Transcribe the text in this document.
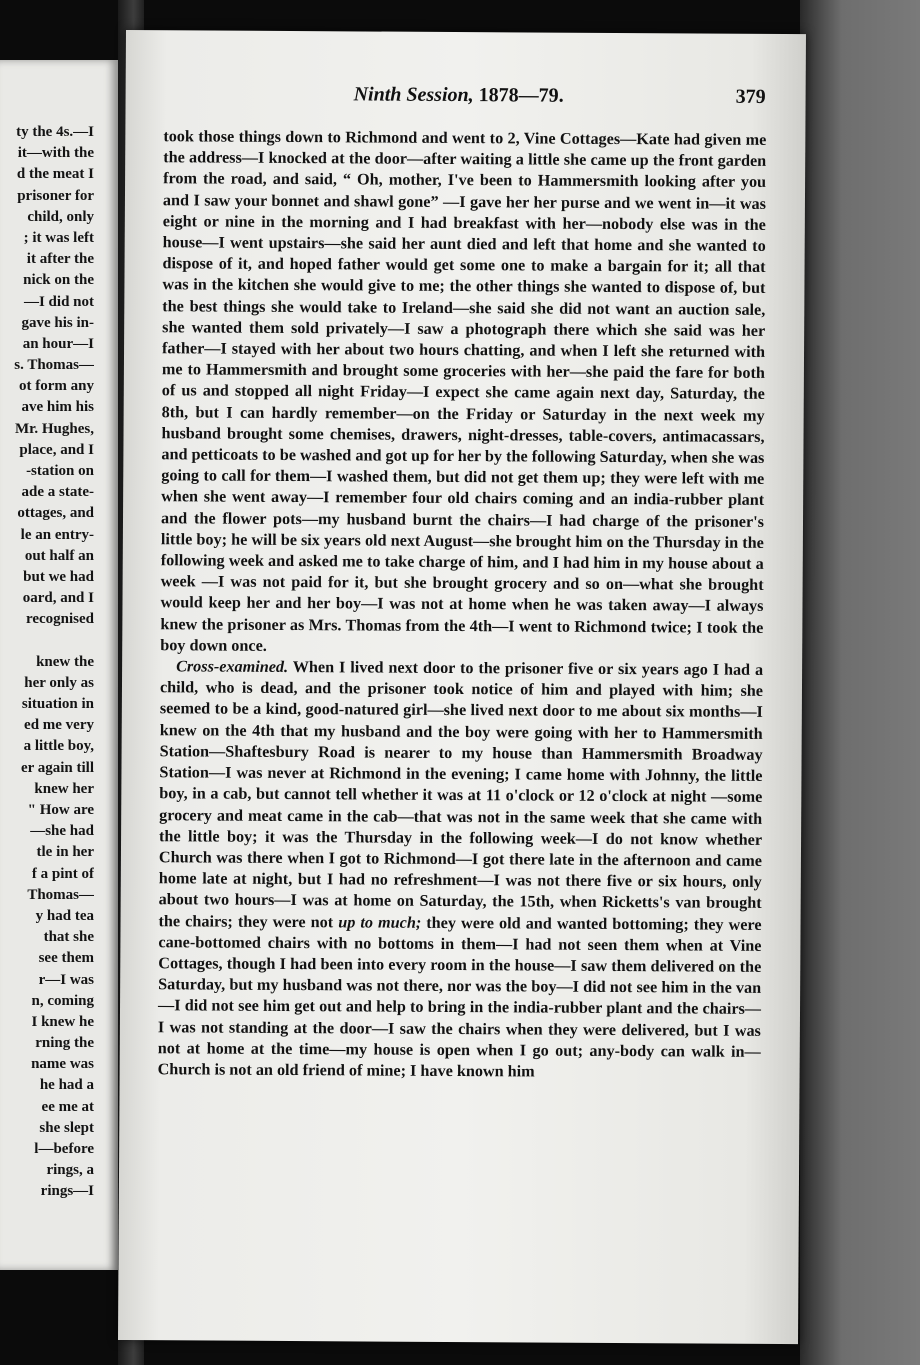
ty the 4s.—I
it—with the
d the meat I
prisoner for
child, only
; it was left
it after the
nick on the
—I did not
gave his in-
an hour—I
s. Thomas—
ot form any
ave him his
Mr. Hughes,
place, and I
-station on
ade a state-
ottages, and
le an entry-
out half an
but we had
oard, and I
recognised
knew the
her only as
situation in
ed me very
a little boy,
er again till
knew her
" How are
—she had
tle in her
f a pint of
Thomas—
y had tea
that she
see them
r—I was
n, coming
I knew he
rning the
name was
he had a
ee me at
she slept
l—before
rings, a
rings—I
Ninth Session, 1878—79.	379

took those things down to Richmond and went to 2, Vine Cottages—Kate had given me the address—I knocked at the door—after waiting a little she came up the front garden from the road, and said, “ Oh, mother, I've been to Hammersmith looking after you and I saw your bonnet and shawl gone” —I gave her her purse and we went in—it was eight or nine in the morning and I had breakfast with her—nobody else was in the house—I went upstairs—she said her aunt died and left that home and she wanted to dispose of it, and hoped father would get some one to make a bargain for it; all that was in the kitchen she would give to me; the other things she wanted to dispose of, but the best things she would take to Ireland—she said she did not want an auction sale, she wanted them sold privately—I saw a photograph there which she said was her father—I stayed with her about two hours chatting, and when I left she returned with me to Hammersmith and brought some groceries with her—she paid the fare for both of us and stopped all night Friday—I expect she came again next day, Saturday, the 8th, but I can hardly remember—on the Friday or Saturday in the next week my husband brought some chemises, drawers, night-dresses, table-covers, antimacassars, and petticoats to be washed and got up for her by the following Saturday, when she was going to call for them—I washed them, but did not get them up; they were left with me when she went away—I remember four old chairs coming and an india-rubber plant and the flower pots—my husband burnt the chairs—I had charge of the prisoner's little boy; he will be six years old next August—she brought him on the Thursday in the following week and asked me to take charge of him, and I had him in my house about a week —I was not paid for it, but she brought grocery and so on—what she brought would keep her and her boy—I was not at home when he was taken away—I always knew the prisoner as Mrs. Thomas from the 4th—I went to Richmond twice; I took the boy down once.

Cross-examined. When I lived next door to the prisoner five or six years ago I had a child, who is dead, and the prisoner took notice of him and played with him; she seemed to be a kind, good-natured girl—she lived next door to me about six months—I knew on the 4th that my husband and the boy were going with her to Hammersmith Station—Shaftesbury Road is nearer to my house than Hammersmith Broadway Station—I was never at Richmond in the evening; I came home with Johnny, the little boy, in a cab, but cannot tell whether it was at 11 o'clock or 12 o'clock at night —some grocery and meat came in the cab—that was not in the same week that she came with the little boy; it was the Thursday in the following week—I do not know whether Church was there when I got to Richmond—I got there late in the afternoon and came home late at night, but I had no refreshment—I was not there five or six hours, only about two hours—I was at home on Saturday, the 15th, when Ricketts's van brought the chairs; they were not up to much; they were old and wanted bottoming; they were cane-bottomed chairs with no bottoms in them—I had not seen them when at Vine Cottages, though I had been into every room in the house—I saw them delivered on the Saturday, but my husband was not there, nor was the boy—I did not see him in the van—I did not see him get out and help to bring in the india-rubber plant and the chairs— I was not standing at the door—I saw the chairs when they were delivered, but I was not at home at the time—my house is open when I go out; any-body can walk in—Church is not an old friend of mine; I have known him
